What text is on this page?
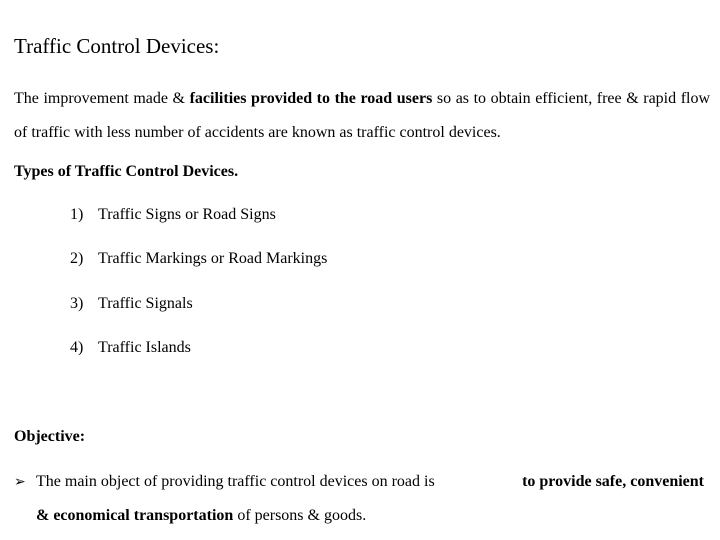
Traffic Control Devices:
The improvement made & facilities provided to the road users so as to obtain efficient, free & rapid flow of traffic with less number of accidents are known as traffic control devices.
Types of Traffic Control Devices.
1) Traffic Signs or Road Signs
2) Traffic Markings or Road Markings
3) Traffic Signals
4) Traffic Islands
Objective:
➢ The main object of providing traffic control devices on road is	to provide safe, convenient
& economical transportation of persons & goods.
